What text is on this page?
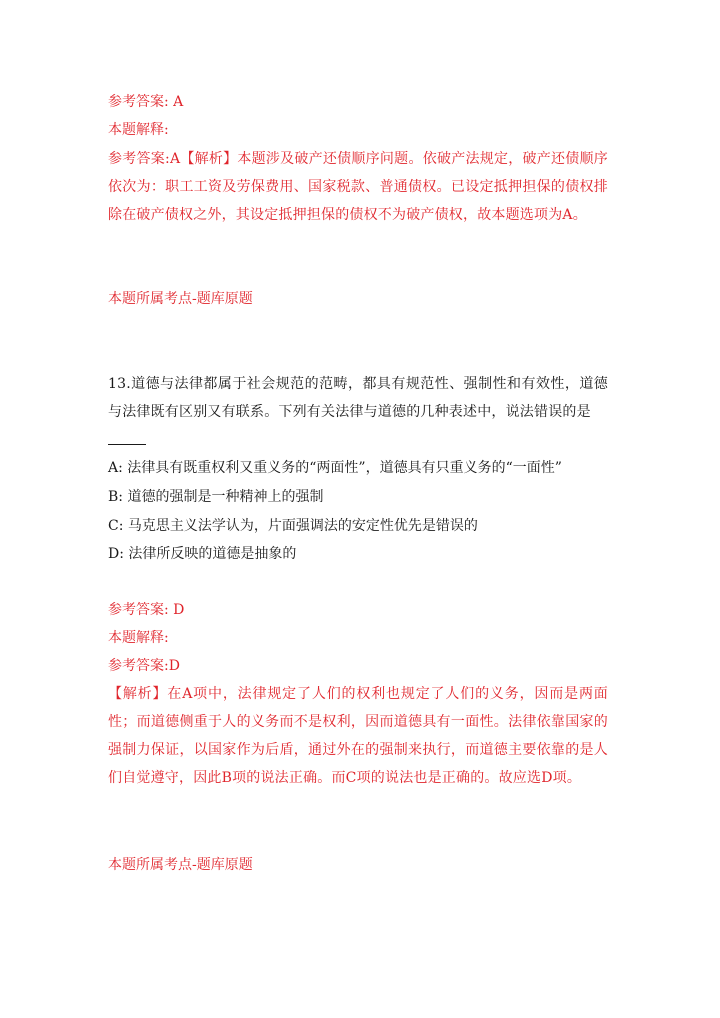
参考答案: A
本题解释:
参考答案:A【解析】本题涉及破产还债顺序问题。依破产法规定，破产还债顺序依次为：职工工资及劳保费用、国家税款、普通债权。已设定抵押担保的债权排除在破产债权之外，其设定抵押担保的债权不为破产债权，故本题选项为A。
本题所属考点-题库原题
13.道德与法律都属于社会规范的范畴，都具有规范性、强制性和有效性，道德与法律既有区别又有联系。下列有关法律与道德的几种表述中，说法错误的是
A: 法律具有既重权利又重义务的“两面性”，道德具有只重义务的“一面性”
B: 道德的强制是一种精神上的强制
C: 马克思主义法学认为，片面强调法的安定性优先是错误的
D: 法律所反映的道德是抽象的
参考答案: D
本题解释:
参考答案:D
【解析】在A项中，法律规定了人们的权利也规定了人们的义务，因而是两面性；而道德侧重于人的义务而不是权利，因而道德具有一面性。法律依靠国家的强制力保证，以国家作为后盾，通过外在的强制来执行，而道德主要依靠的是人们自觉遵守，因此B项的说法正确。而C项的说法也是正确的。故应选D项。
本题所属考点-题库原题
